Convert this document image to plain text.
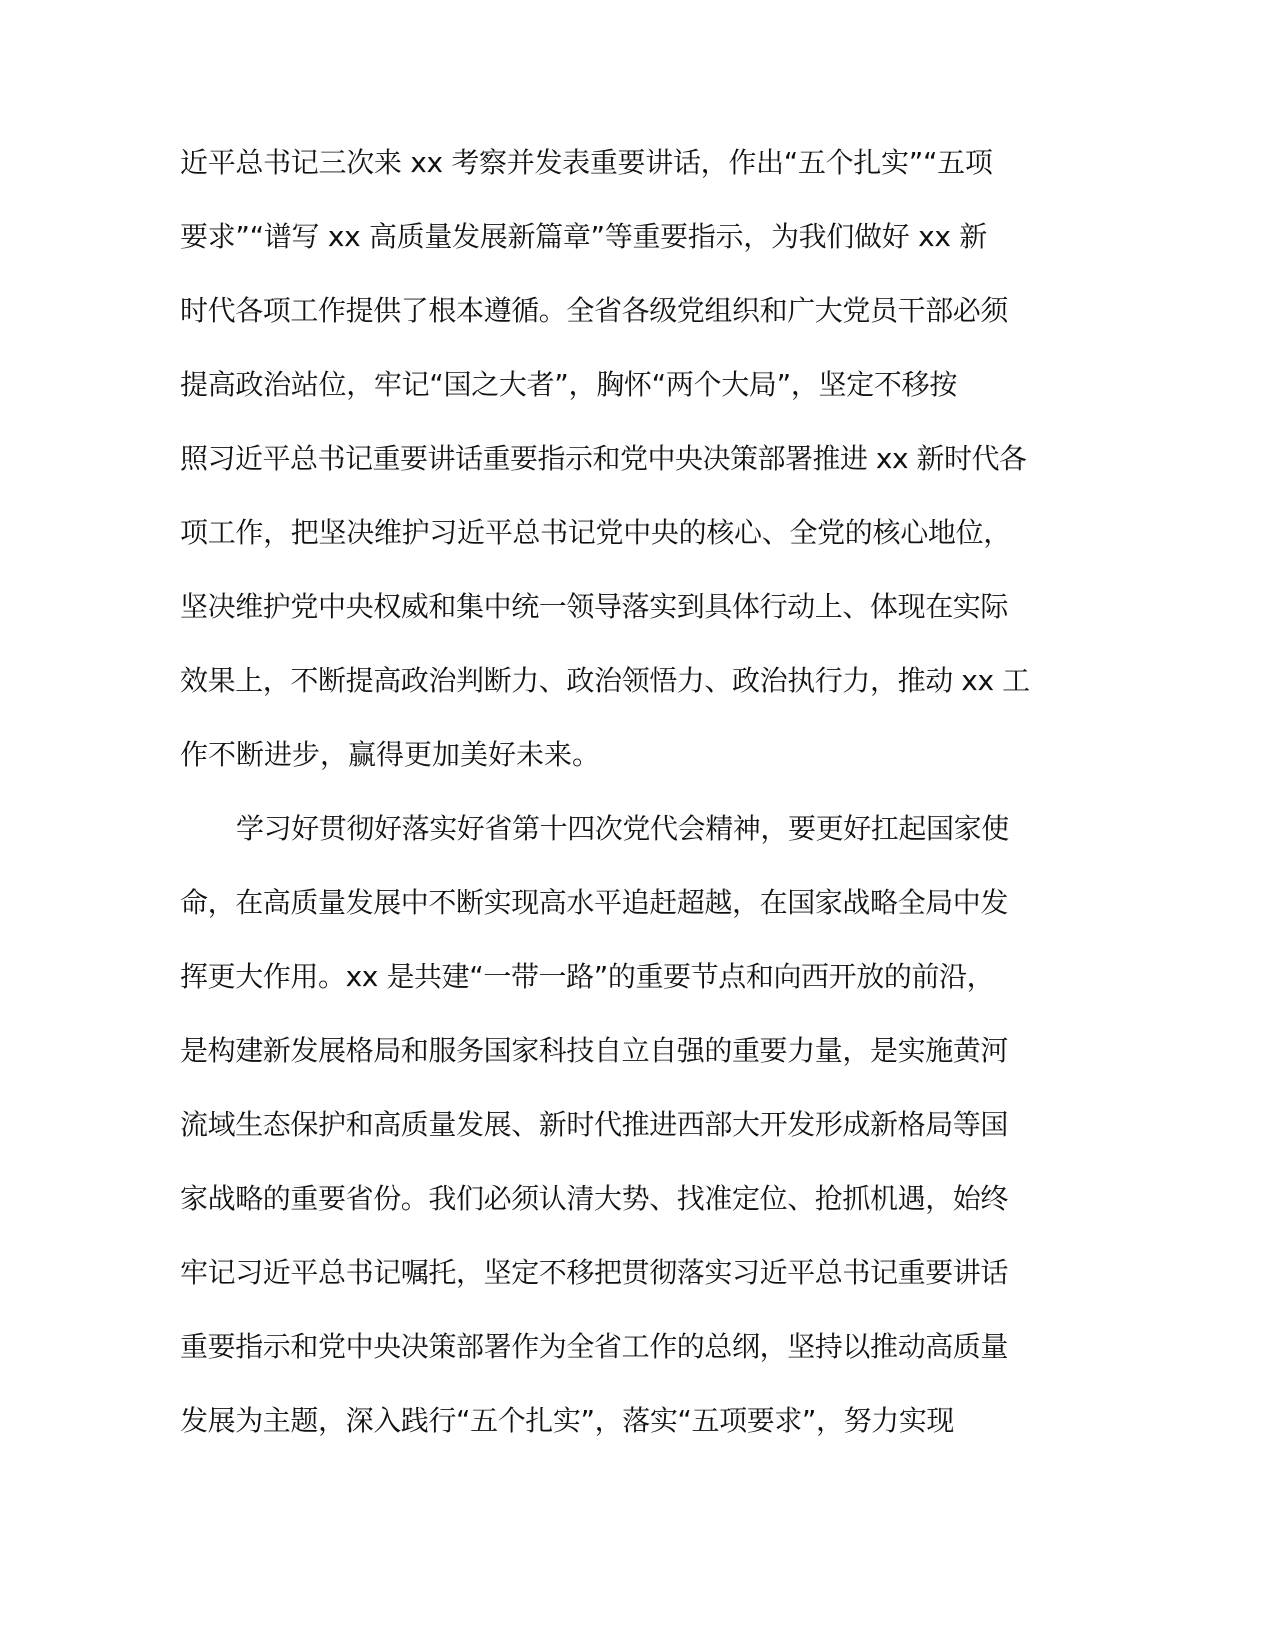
近平总书记三次来 xx 考察并发表重要讲话，作出“五个扎实”“五项
要求”“谱写 xx 高质量发展新篇章”等重要指示，为我们做好 xx 新
时代各项工作提供了根本遵循。全省各级党组织和广大党员干部必须
提高政治站位，牢记“国之大者”，胸怀“两个大局”，坚定不移按
照习近平总书记重要讲话重要指示和党中央决策部署推进 xx 新时代各
项工作，把坚决维护习近平总书记党中央的核心、全党的核心地位，
坚决维护党中央权威和集中统一领导落实到具体行动上、体现在实际
效果上，不断提高政治判断力、政治领悟力、政治执行力，推动 xx 工
作不断进步，赢得更加美好未来。
学习好贯彻好落实好省第十四次党代会精神，要更好扛起国家使
命，在高质量发展中不断实现高水平追赶超越，在国家战略全局中发
挥更大作用。xx 是共建“一带一路”的重要节点和向西开放的前沿，
是构建新发展格局和服务国家科技自立自强的重要力量，是实施黄河
流域生态保护和高质量发展、新时代推进西部大开发形成新格局等国
家战略的重要省份。我们必须认清大势、找准定位、抢抓机遇，始终
牢记习近平总书记嘱托，坚定不移把贯彻落实习近平总书记重要讲话
重要指示和党中央决策部署作为全省工作的总纲，坚持以推动高质量
发展为主题，深入践行“五个扎实”，落实“五项要求”，努力实现
